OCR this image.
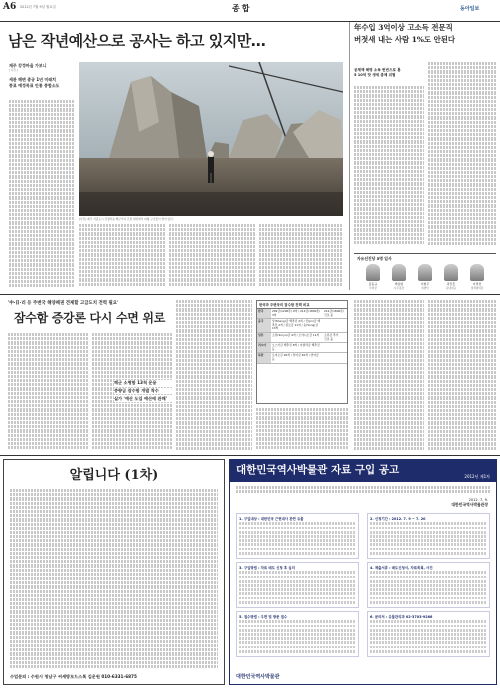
A6 2012년 7월 9일 월요일	종합	동아일보
남은 작년예산으로 공사는 하고 있지만…
年수입 3억이상 고소득 전문직
버젓새 내는 사람 1%도 안된다
재주 강정마을 가보니
[ 사진 ]
세관 해변 총공 1년 미래치
종료 예정목표 안통 종합소도
[사진] 제주 서귀포시 강정마을 해군기지 건설 현장에서 대형 구조물이 쌓여 있다.
공제액 해명 소득 번번으로 통
5 10억 탓 생세 총체 위험
자유선진당 5명 입사
김동규
부의장
박용범
사무총장
이현주
대변인
곽신흥
원내대표
이경선
정책위의장
'中·日·러 등 주변국 해양패권 견제할 고급도치 전력 필요'
잠수함 증강론 다시 수면 위로
해군 소형함 13척 운용
중량급 잠수함 개발 착수
실가 '예산 도입 예산에 관해'
한국과 주변국의 잠수함 전력 비교
한국	209급(1200톤) 9척 / 214급(1800톤) 3척
214급(1800톤)
건조 중
중국	상(Shang)급 핵추진 2척 / 진(Jin)급 핵추진 2척 / 킬로급 11척 / 송(Song)급 13척
일본	소류(Soryu)급 4척 / 오야시오급 11척	소류급 추가
건조 중
러시아	오스카급 핵추진 8척 / 아쿨라급 핵추진 등
북한	로미오급 20척 / 상어급 40척 / 연어급 등
알립니다 (1차)
수업문의 : 수원시 청남구 씨세방모드스톡 김운원 010-6331-6875
대한민국역사박물관 자료 구입 공고
2012년 제1차
2012. 7. 9.
대한민국역사박물관장
1. 구입대상 : 대한민국 근현대사 관련 유물	2. 신청기간 : 2012. 7. 9 ~ 7. 20
3. 구입방법 : 자료 매도 신청 후 심의	4. 제출서류 : 매도신청서, 자료목록, 사진
5. 접수방법 : 우편 및 방문 접수	6. 문의처 : 유물관리과 02-3703-9266
대한민국역사박물관
